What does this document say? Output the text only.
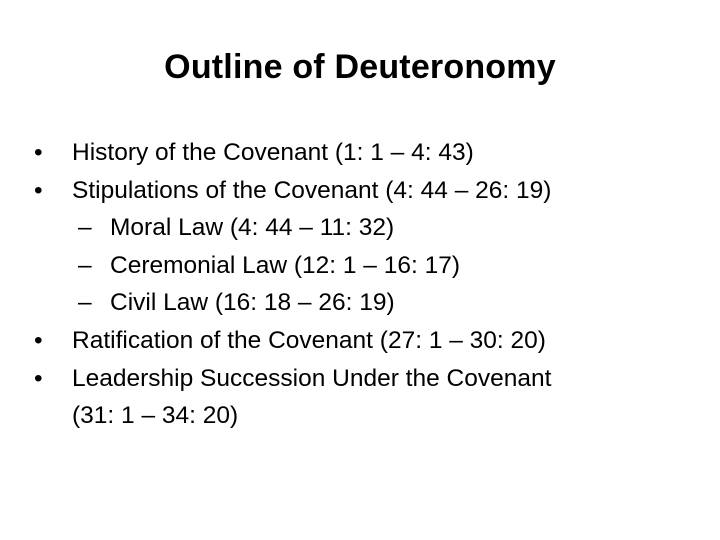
Outline of Deuteronomy
•	History of the Covenant (1: 1 – 4: 43)
•	Stipulations of the Covenant (4: 44 – 26: 19)
– Moral Law (4: 44 – 11: 32)
– Ceremonial Law (12: 1 – 16: 17)
– Civil Law (16: 18 – 26: 19)
•	Ratification of the Covenant (27: 1 – 30: 20)
•	Leadership Succession Under the Covenant
(31: 1 – 34: 20)
